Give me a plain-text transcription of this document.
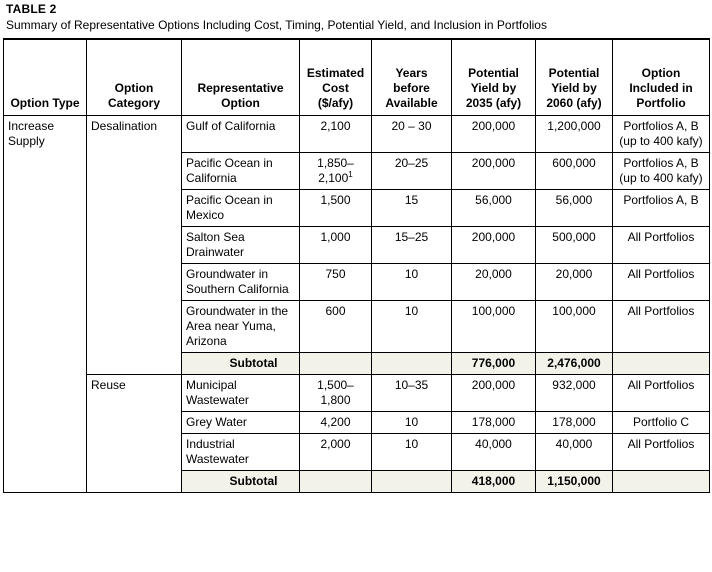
TABLE 2
Summary of Representative Options Including Cost, Timing, Potential Yield, and Inclusion in Portfolios
Option Type	Option Category	Representative Option	Estimated Cost ($/afy)	Years before Available	Potential Yield by 2035 (afy)	Potential Yield by 2060 (afy)	Option Included in Portfolio
Increase Supply	Desalination	Gulf of California	2,100	20 – 30	200,000	1,200,000	Portfolios A, B (up to 400 kafy)
		Pacific Ocean in California	1,850–2,100$^1$	20–25	200,000	600,000	Portfolios A, B (up to 400 kafy)
		Pacific Ocean in Mexico	1,500	15	56,000	56,000	Portfolios A, B
		Salton Sea Drainwater	1,000	15–25	200,000	500,000	All Portfolios
		Groundwater in Southern California	750	10	20,000	20,000	All Portfolios
		Groundwater in the Area near Yuma, Arizona	600	10	100,000	100,000	All Portfolios
		Subtotal			776,000	2,476,000	
	Reuse	Municipal Wastewater	1,500–1,800	10–35	200,000	932,000	All Portfolios
		Grey Water	4,200	10	178,000	178,000	Portfolio C
		Industrial Wastewater	2,000	10	40,000	40,000	All Portfolios
		Subtotal			418,000	1,150,000	
